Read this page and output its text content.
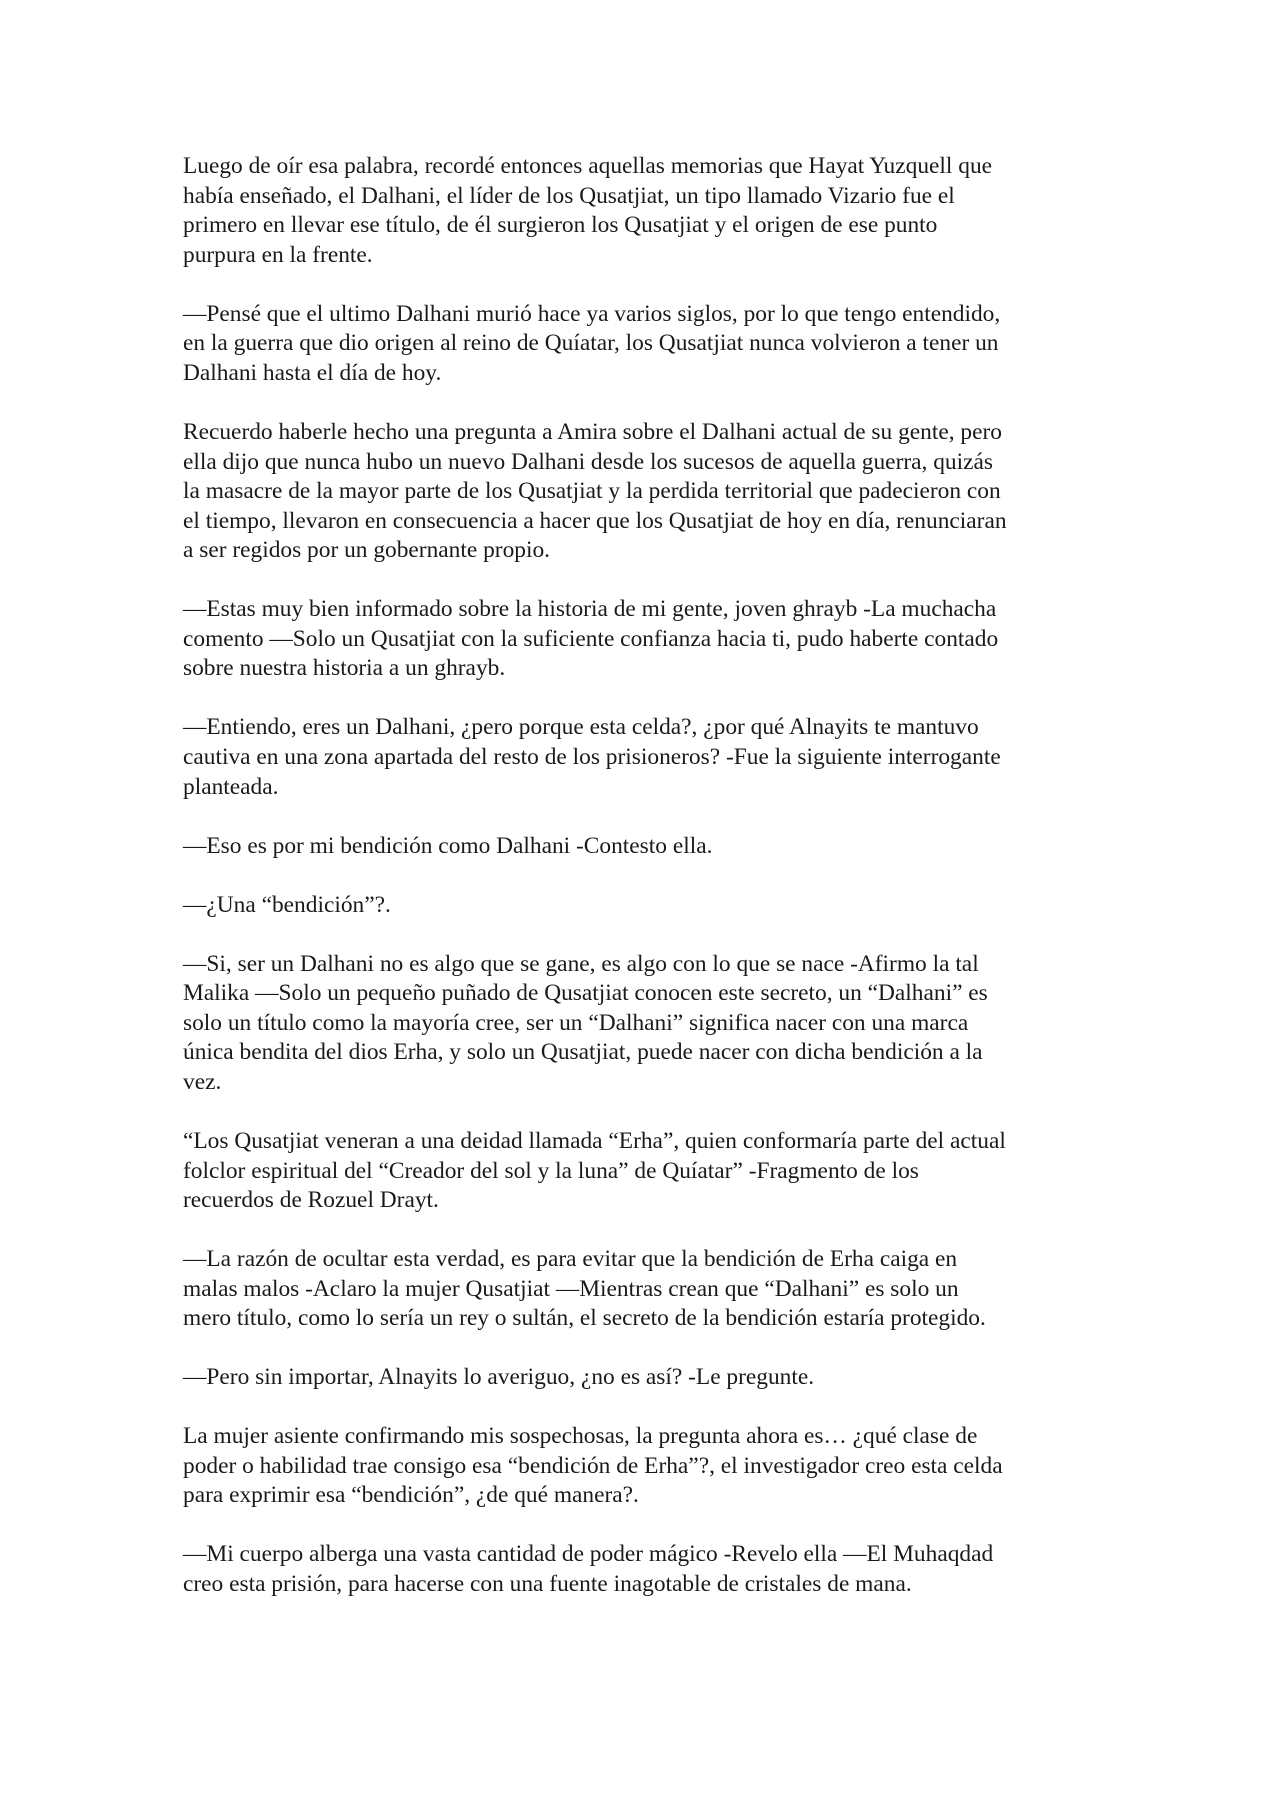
Luego de oír esa palabra, recordé entonces aquellas memorias que Hayat Yuzquell que
había enseñado, el Dalhani, el líder de los Qusatjiat, un tipo llamado Vizario fue el
primero en llevar ese título, de él surgieron los Qusatjiat y el origen de ese punto
purpura en la frente.

—Pensé que el ultimo Dalhani murió hace ya varios siglos, por lo que tengo entendido,
en la guerra que dio origen al reino de Quíatar, los Qusatjiat nunca volvieron a tener un
Dalhani hasta el día de hoy.

Recuerdo haberle hecho una pregunta a Amira sobre el Dalhani actual de su gente, pero
ella dijo que nunca hubo un nuevo Dalhani desde los sucesos de aquella guerra, quizás
la masacre de la mayor parte de los Qusatjiat y la perdida territorial que padecieron con
el tiempo, llevaron en consecuencia a hacer que los Qusatjiat de hoy en día, renunciaran
a ser regidos por un gobernante propio.

—Estas muy bien informado sobre la historia de mi gente, joven ghrayb -La muchacha
comento —Solo un Qusatjiat con la suficiente confianza hacia ti, pudo haberte contado
sobre nuestra historia a un ghrayb.

—Entiendo, eres un Dalhani, ¿pero porque esta celda?, ¿por qué Alnayits te mantuvo
cautiva en una zona apartada del resto de los prisioneros? -Fue la siguiente interrogante
planteada.

—Eso es por mi bendición como Dalhani -Contesto ella.

—¿Una “bendición”?.

—Si, ser un Dalhani no es algo que se gane, es algo con lo que se nace -Afirmo la tal
Malika —Solo un pequeño puñado de Qusatjiat conocen este secreto, un “Dalhani” es
solo un título como la mayoría cree, ser un “Dalhani” significa nacer con una marca
única bendita del dios Erha, y solo un Qusatjiat, puede nacer con dicha bendición a la
vez.

“Los Qusatjiat veneran a una deidad llamada “Erha”, quien conformaría parte del actual
folclor espiritual del “Creador del sol y la luna” de Quíatar” -Fragmento de los
recuerdos de Rozuel Drayt.

—La razón de ocultar esta verdad, es para evitar que la bendición de Erha caiga en
malas malos -Aclaro la mujer Qusatjiat —Mientras crean que “Dalhani” es solo un
mero título, como lo sería un rey o sultán, el secreto de la bendición estaría protegido.

—Pero sin importar, Alnayits lo averiguo, ¿no es así? -Le pregunte.

La mujer asiente confirmando mis sospechosas, la pregunta ahora es… ¿qué clase de
poder o habilidad trae consigo esa “bendición de Erha”?, el investigador creo esta celda
para exprimir esa “bendición”, ¿de qué manera?.

—Mi cuerpo alberga una vasta cantidad de poder mágico -Revelo ella —El Muhaqdad
creo esta prisión, para hacerse con una fuente inagotable de cristales de mana.
